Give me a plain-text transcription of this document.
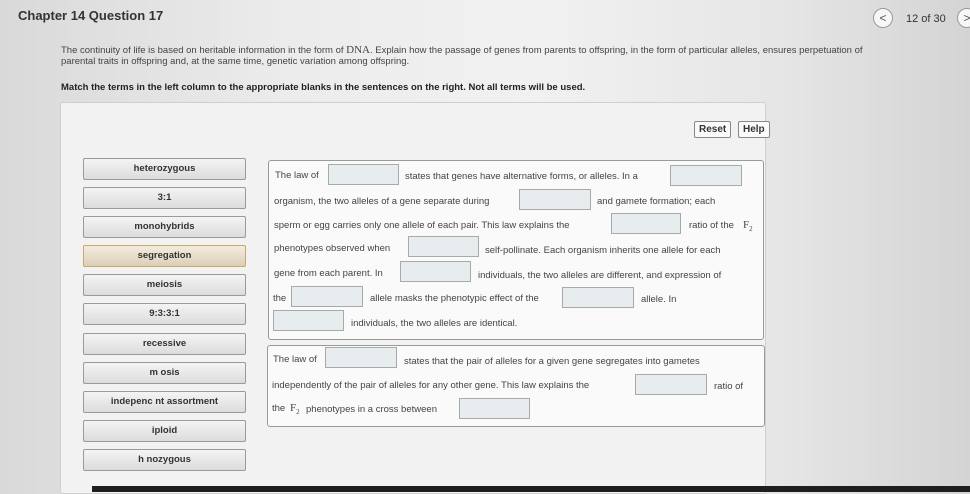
Chapter 14 Question 17	<	12 of 30	>
The continuity of life is based on heritable information in the form of DNA. Explain how the passage of genes from parents to offspring, in the form of particular alleles, ensures perpetuation of
parental traits in offspring and, at the same time, genetic variation among offspring.
Match the terms in the left column to the appropriate blanks in the sentences on the right. Not all terms will be used.
Reset	Help
heterozygous
3:1
monohybrids
segregation
meiosis
9:3:3:1
recessive
m osis
indepenc nt assortment
iploid
h nozygous
The law of	states that genes have alternative forms, or alleles. In a
organism, the two alleles of a gene separate during	and gamete formation; each
sperm or egg carries only one allele of each pair. This law explains the	ratio of the $F_2$
phenotypes observed when	self-pollinate. Each organism inherits one allele for each
gene from each parent. In	individuals, the two alleles are different, and expression of
the	allele masks the phenotypic effect of the	allele. In
individuals, the two alleles are identical.
The law of	states that the pair of alleles for a given gene segregates into gametes
independently of the pair of alleles for any other gene. This law explains the	ratio of
the $F_2$ phenotypes in a cross between
